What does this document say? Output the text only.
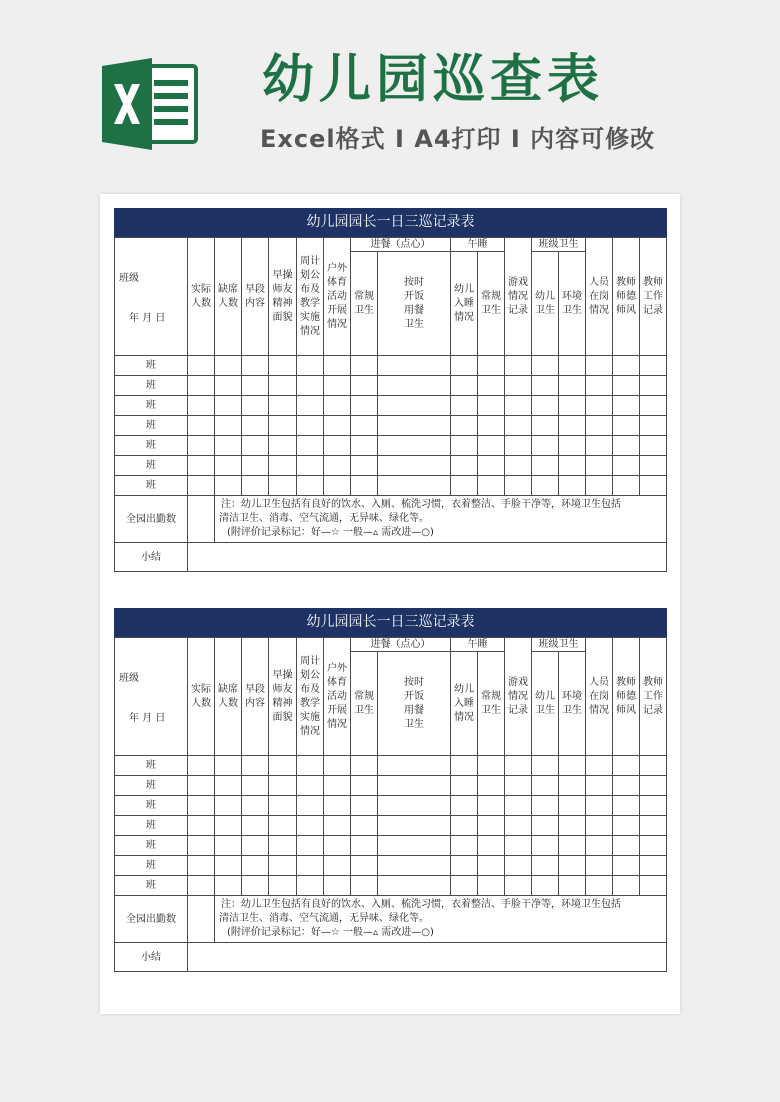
幼儿园巡查表
Excel格式 I A4打印 I 内容可修改
幼儿园园长一日三巡记录表
班级
年 月 日	实际人数	缺席人数	早段内容	早操师友精神面貌	周计划公布及教学实施情况	户外体育活动开展情况	进餐（点心）		午睡		游戏情况记录	班级卫生		人员在岗情况	教师师德师风	教师工作记录

							常规卫生	按时开饭用餐卫生	幼儿入睡情况	常规卫生		幼儿卫生	环境卫生				

班																	
班																	
班																	
班																	
班																	
班																	
班																	
全园出勤数		注：幼儿卫生包括有良好的饮水、入厕、梳洗习惯，衣着整洁、手脸干净等，环境卫生包括
清洁卫生、消毒、空气流通，无异味、绿化等。
(附评价记录标记：好—☆ 一般—▵ 需改进—○)															

小结																	
幼儿园园长一日三巡记录表
班级
年 月 日	实际人数	缺席人数	早段内容	早操师友精神面貌	周计划公布及教学实施情况	户外体育活动开展情况	进餐（点心）		午睡		游戏情况记录	班级卫生		人员在岗情况	教师师德师风	教师工作记录

							常规卫生	按时开饭用餐卫生	幼儿入睡情况	常规卫生		幼儿卫生	环境卫生				

班																	
班																	
班																	
班																	
班																	
班																	
班																	
全园出勤数		注：幼儿卫生包括有良好的饮水、入厕、梳洗习惯，衣着整洁、手脸干净等，环境卫生包括
清洁卫生、消毒、空气流通，无异味、绿化等。
(附评价记录标记：好—☆ 一般—▵ 需改进—○)															

小结																	
